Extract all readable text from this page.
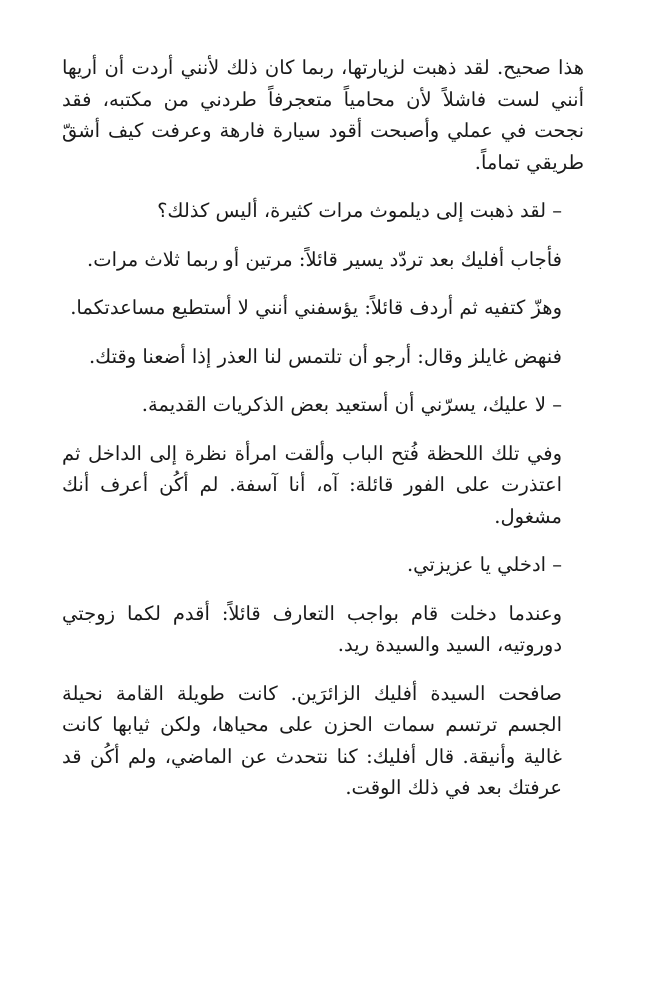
هذا صحيح. لقد ذهبت لزيارتها، ربما كان ذلك لأنني أردت أن أريها أنني لست فاشلاً لأن محامياً متعجرفاً طردني من مكتبه، فقد نجحت في عملي وأصبحت أقود سيارة فارهة وعرفت كيف أشقّ طريقي تماماً.

– لقد ذهبت إلى ديلموث مرات كثيرة، أليس كذلك؟

فأجاب أفليك بعد تردّد يسير قائلاً: مرتين أو ربما ثلاث مرات.

وهزّ كتفيه ثم أردف قائلاً: يؤسفني أنني لا أستطيع مساعدتكما.

فنهض غايلز وقال: أرجو أن تلتمس لنا العذر إذا أضعنا وقتك.

– لا عليك، يسرّني أن أستعيد بعض الذكريات القديمة.

وفي تلك اللحظة فُتح الباب وألقت امرأة نظرة إلى الداخل ثم اعتذرت على الفور قائلة: آه، أنا آسفة. لم أكُن أعرف أنك مشغول.

– ادخلي يا عزيزتي.

وعندما دخلت قام بواجب التعارف قائلاً: أقدم لكما زوجتي دوروتيه، السيد والسيدة ريد.

صافحت السيدة أفليك الزائرَين. كانت طويلة القامة نحيلة الجسم ترتسم سمات الحزن على محياها، ولكن ثيابها كانت غالية وأنيقة. قال أفليك: كنا نتحدث عن الماضي، ولم أكُن قد عرفتك بعد في ذلك الوقت.
